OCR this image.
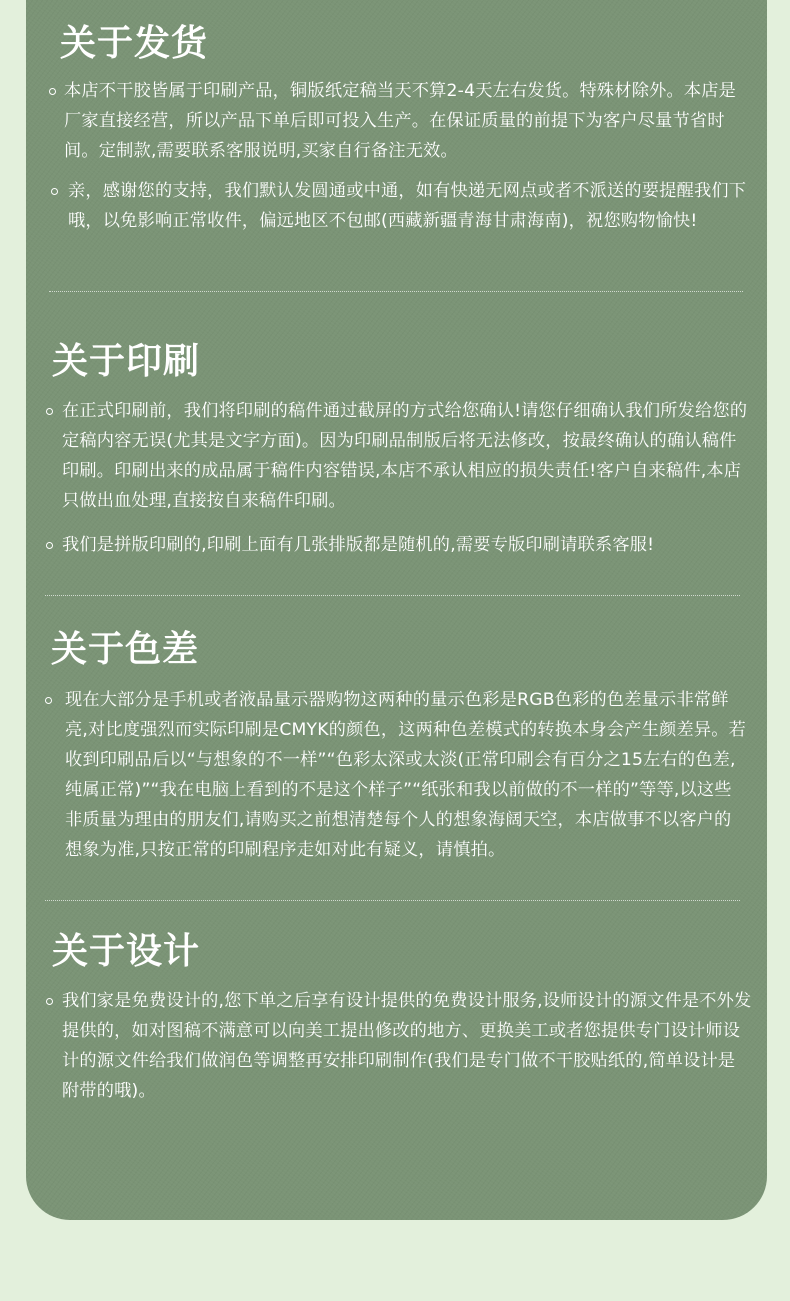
关于发货
本店不干胶皆属于印刷产品，铜版纸定稿当天不算2-4天左右发货。特殊材除外。本店是厂家直接经营，所以产品下单后即可投入生产。在保证质量的前提下为客户尽量节省时间。定制款,需要联系客服说明,买家自行备注无效。
亲，感谢您的支持，我们默认发圆通或中通，如有快递无网点或者不派送的要提醒我们下哦，以免影响正常收件，偏远地区不包邮(西藏新疆青海甘肃海南)，祝您购物愉快!
关于印刷
在正式印刷前，我们将印刷的稿件通过截屏的方式给您确认!请您仔细确认我们所发给您的定稿内容无误(尤其是文字方面)。因为印刷品制版后将无法修改，按最终确认的确认稿件印刷。印刷出来的成品属于稿件内容错误,本店不承认相应的损失责任!客户自来稿件,本店只做出血处理,直接按自来稿件印刷。
我们是拼版印刷的,印刷上面有几张排版都是随机的,需要专版印刷请联系客服!
关于色差
现在大部分是手机或者液晶量示器购物这两种的量示色彩是RGB色彩的色差量示非常鲜亮,对比度强烈而实际印刷是CMYK的颜色，这两种色差模式的转换本身会产生颜差异。若收到印刷品后以“与想象的不一样”“色彩太深或太淡(正常印刷会有百分之15左右的色差,纯属正常)”“我在电脑上看到的不是这个样子”“纸张和我以前做的不一样的”等等,以这些非质量为理由的朋友们,请购买之前想清楚每个人的想象海阔天空，本店做事不以客户的想象为准,只按正常的印刷程序走如对此有疑义，请慎拍。
关于设计
我们家是免费设计的,您下单之后享有设计提供的免费设计服务,设师设计的源文件是不外发提供的，如对图稿不满意可以向美工提出修改的地方、更换美工或者您提供专门设计师设计的源文件给我们做润色等调整再安排印刷制作(我们是专门做不干胶贴纸的,简单设计是附带的哦)。
